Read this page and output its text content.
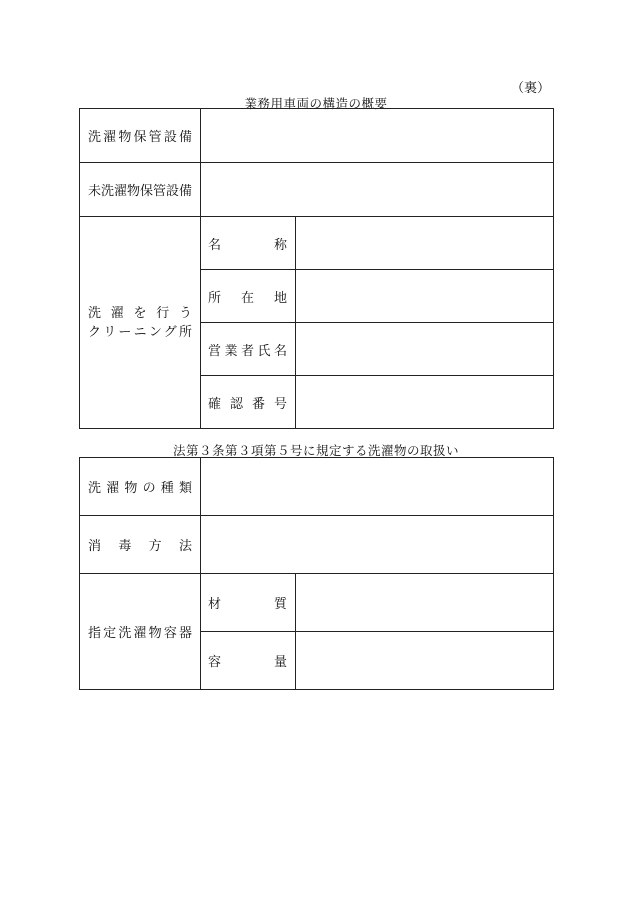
（裏）
業務用車両の構造の概要
洗濯物保管設備		

未洗濯物保管設備		

洗濯を行う
クリーニング所	名　　　　称	

	所　在　地	

	営業者氏名	

	確認番号	

法第３条第３項第５号に規定する洗濯物の取扱い
洗濯物の種類		

消毒方法		

指定洗濯物容器	材　　　　質	

	容　　　　量	
